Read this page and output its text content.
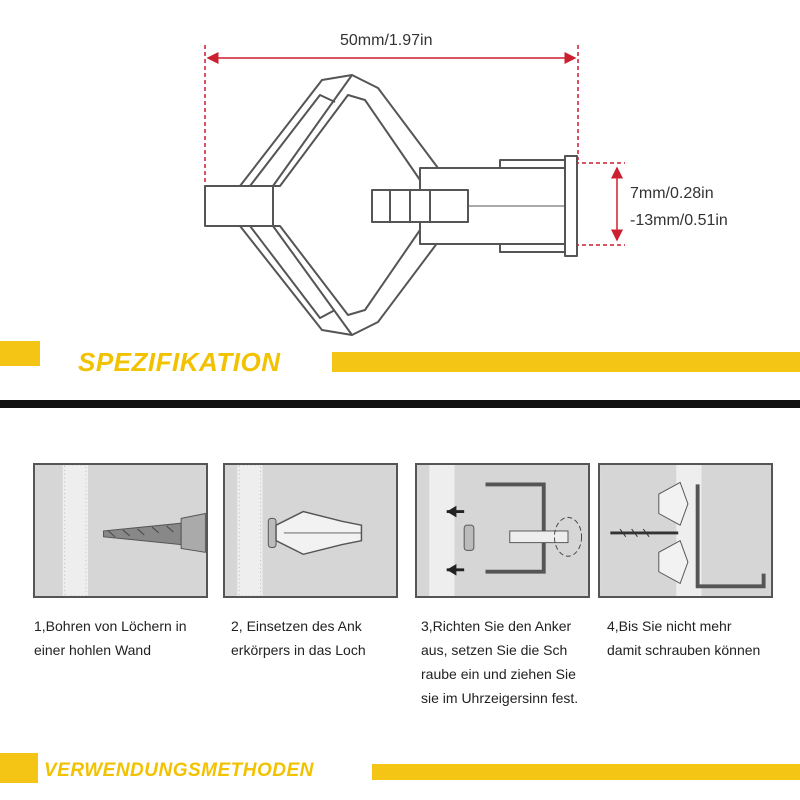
50mm/1.97in
7mm/0.28in
-13mm/0.51in
SPEZIFIKATION
1,Bohren von Löchern in
einer hohlen Wand
2, Einsetzen des Ank
erkörpers in das Loch
3,Richten Sie den Anker
aus, setzen Sie die Sch
raube ein und ziehen Sie
sie im Uhrzeigersinn fest.
4,Bis Sie nicht mehr
damit schrauben können
VERWENDUNGSMETHODEN
